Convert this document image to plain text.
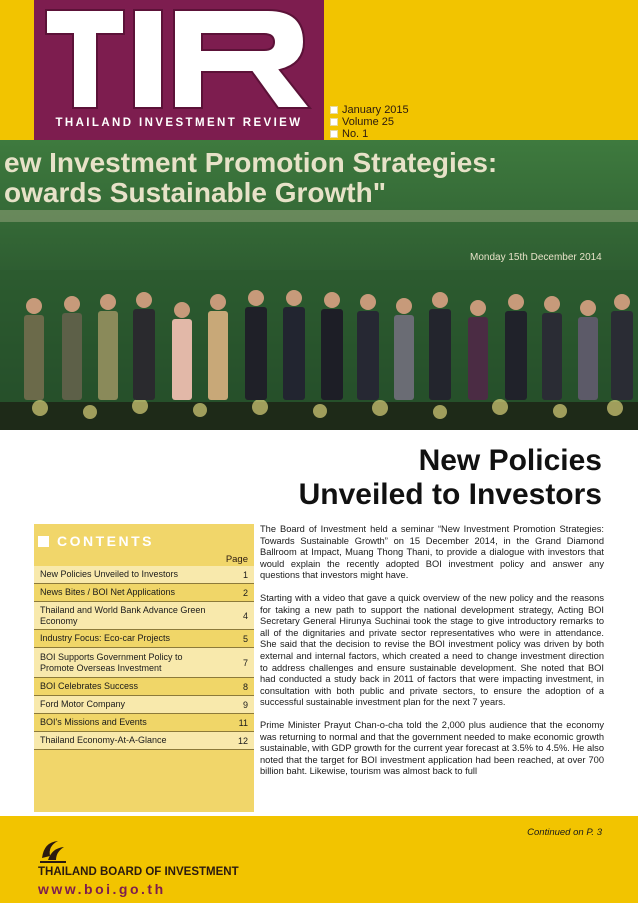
THAILAND INVESTMENT REVIEW
January 2015
Volume 25
No. 1
ew Investment Promotion Strategies:
owards Sustainable Growth"
Monday 15th December 2014
New Policies
Unveiled to Investors
CONTENTS
Page
New Policies Unveiled to Investors	1
News Bites / BOI Net Applications	2
Thailand and World Bank Advance Green Economy	4
Industry Focus: Eco-car Projects	5
BOI Supports Government Policy to Promote Overseas Investment	7
BOI Celebrates Success	8
Ford Motor Company	9
BOI's Missions and Events	11
Thailand Economy-At-A-Glance	12

The Board of Investment held a seminar “New Investment Promotion Strategies: Towards Sustainable Growth” on 15 December 2014, in the Grand Diamond Ballroom at Impact, Muang Thong Thani, to provide a dialogue with investors that would explain the recently adopted BOI investment policy and answer any questions that investors might have.

Starting with a video that gave a quick overview of the new policy and the reasons for taking a new path to support the national development strategy, Acting BOI Secretary General Hirunya Suchinai took the stage to give introductory remarks to all of the dignitaries and private sector representatives who were in attendance. She said that the decision to revise the BOI investment policy was driven by both external and internal factors, which created a need to change investment direction to address challenges and ensure sustainable development. She noted that BOI had conducted a study back in 2011 of factors that were impacting investment, in consultation with both public and private sectors, to ensure the adoption of a successful sustainable investment plan for the next 7 years.

Prime Minister Prayut Chan-o-cha told the 2,000 plus audience that the economy was returning to normal and that the government needed to make economic growth sustainable, with GDP growth for the current year forecast at 3.5% to 4.5%. He also noted that the target for BOI investment application had been reached, at over 700 billion baht. Likewise, tourism was almost back to full

Continued on P. 3
THAILAND BOARD OF INVESTMENT
www.boi.go.th
